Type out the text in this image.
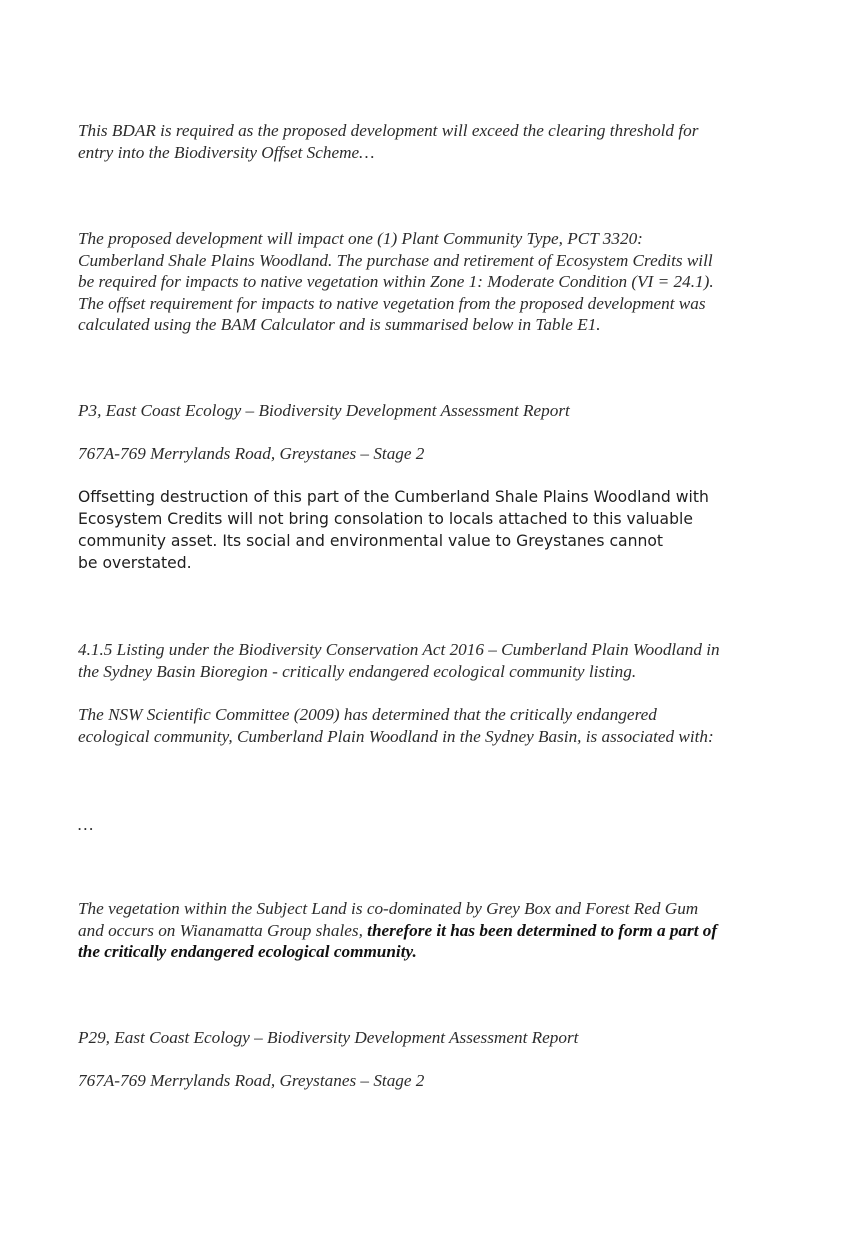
This BDAR is required as the proposed development will exceed the clearing threshold for
entry into the Biodiversity Offset Scheme…

The proposed development will impact one (1) Plant Community Type, PCT 3320:
Cumberland Shale Plains Woodland. The purchase and retirement of Ecosystem Credits will
be required for impacts to native vegetation within Zone 1: Moderate Condition (VI = 24.1).
The offset requirement for impacts to native vegetation from the proposed development was
calculated using the BAM Calculator and is summarised below in Table E1.

P3, East Coast Ecology – Biodiversity Development Assessment Report

767A-769 Merrylands Road, Greystanes – Stage 2

Offsetting destruction of this part of the Cumberland Shale Plains Woodland with
Ecosystem Credits will not bring consolation to locals attached to this valuable
community asset. Its social and environmental value to Greystanes cannot
be overstated.

4.1.5 Listing under the Biodiversity Conservation Act 2016 – Cumberland Plain Woodland in
the Sydney Basin Bioregion - critically endangered ecological community listing.

The NSW Scientific Committee (2009) has determined that the critically endangered
ecological community, Cumberland Plain Woodland in the Sydney Basin, is associated with:

…

The vegetation within the Subject Land is co-dominated by Grey Box and Forest Red Gum
and occurs on Wianamatta Group shales, therefore it has been determined to form a part of
the critically endangered ecological community.

P29, East Coast Ecology – Biodiversity Development Assessment Report

767A-769 Merrylands Road, Greystanes – Stage 2
